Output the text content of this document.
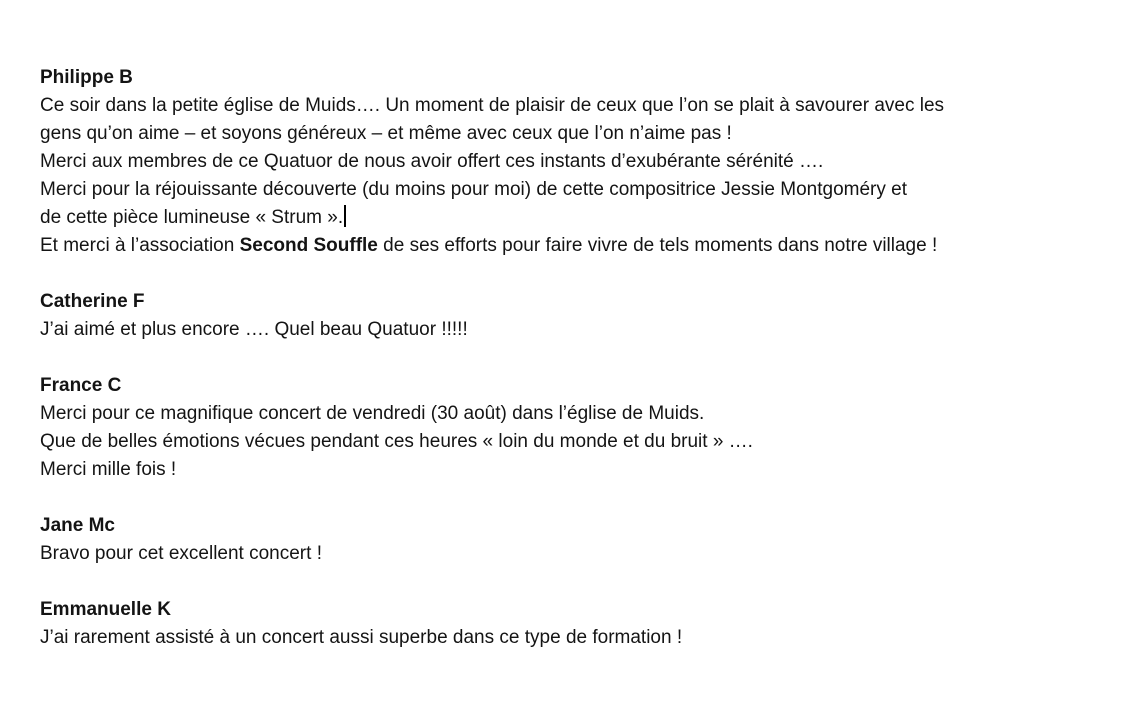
Philippe B
Ce soir dans la petite église de Muids…. Un moment de plaisir de ceux que l’on se plait à savourer avec les
gens qu’on aime – et soyons généreux – et même avec ceux que l’on n’aime pas !
Merci aux membres de ce Quatuor de nous avoir offert ces instants d’exubérante sérénité ….
Merci pour la réjouissante découverte (du moins pour moi) de cette compositrice Jessie Montgoméry et
de cette pièce lumineuse « Strum ».
Et merci à l’association Second Souffle de ses efforts pour faire vivre de tels moments dans notre village !
Catherine F
J’ai aimé et plus encore …. Quel beau Quatuor !!!!!
France C
Merci pour ce magnifique concert de vendredi (30 août) dans l’église de Muids.
Que de belles émotions vécues pendant ces heures « loin du monde et du bruit » ….
Merci mille fois !
Jane Mc
Bravo pour cet excellent concert !
Emmanuelle K
J’ai rarement assisté à un concert aussi superbe dans ce type de formation !
